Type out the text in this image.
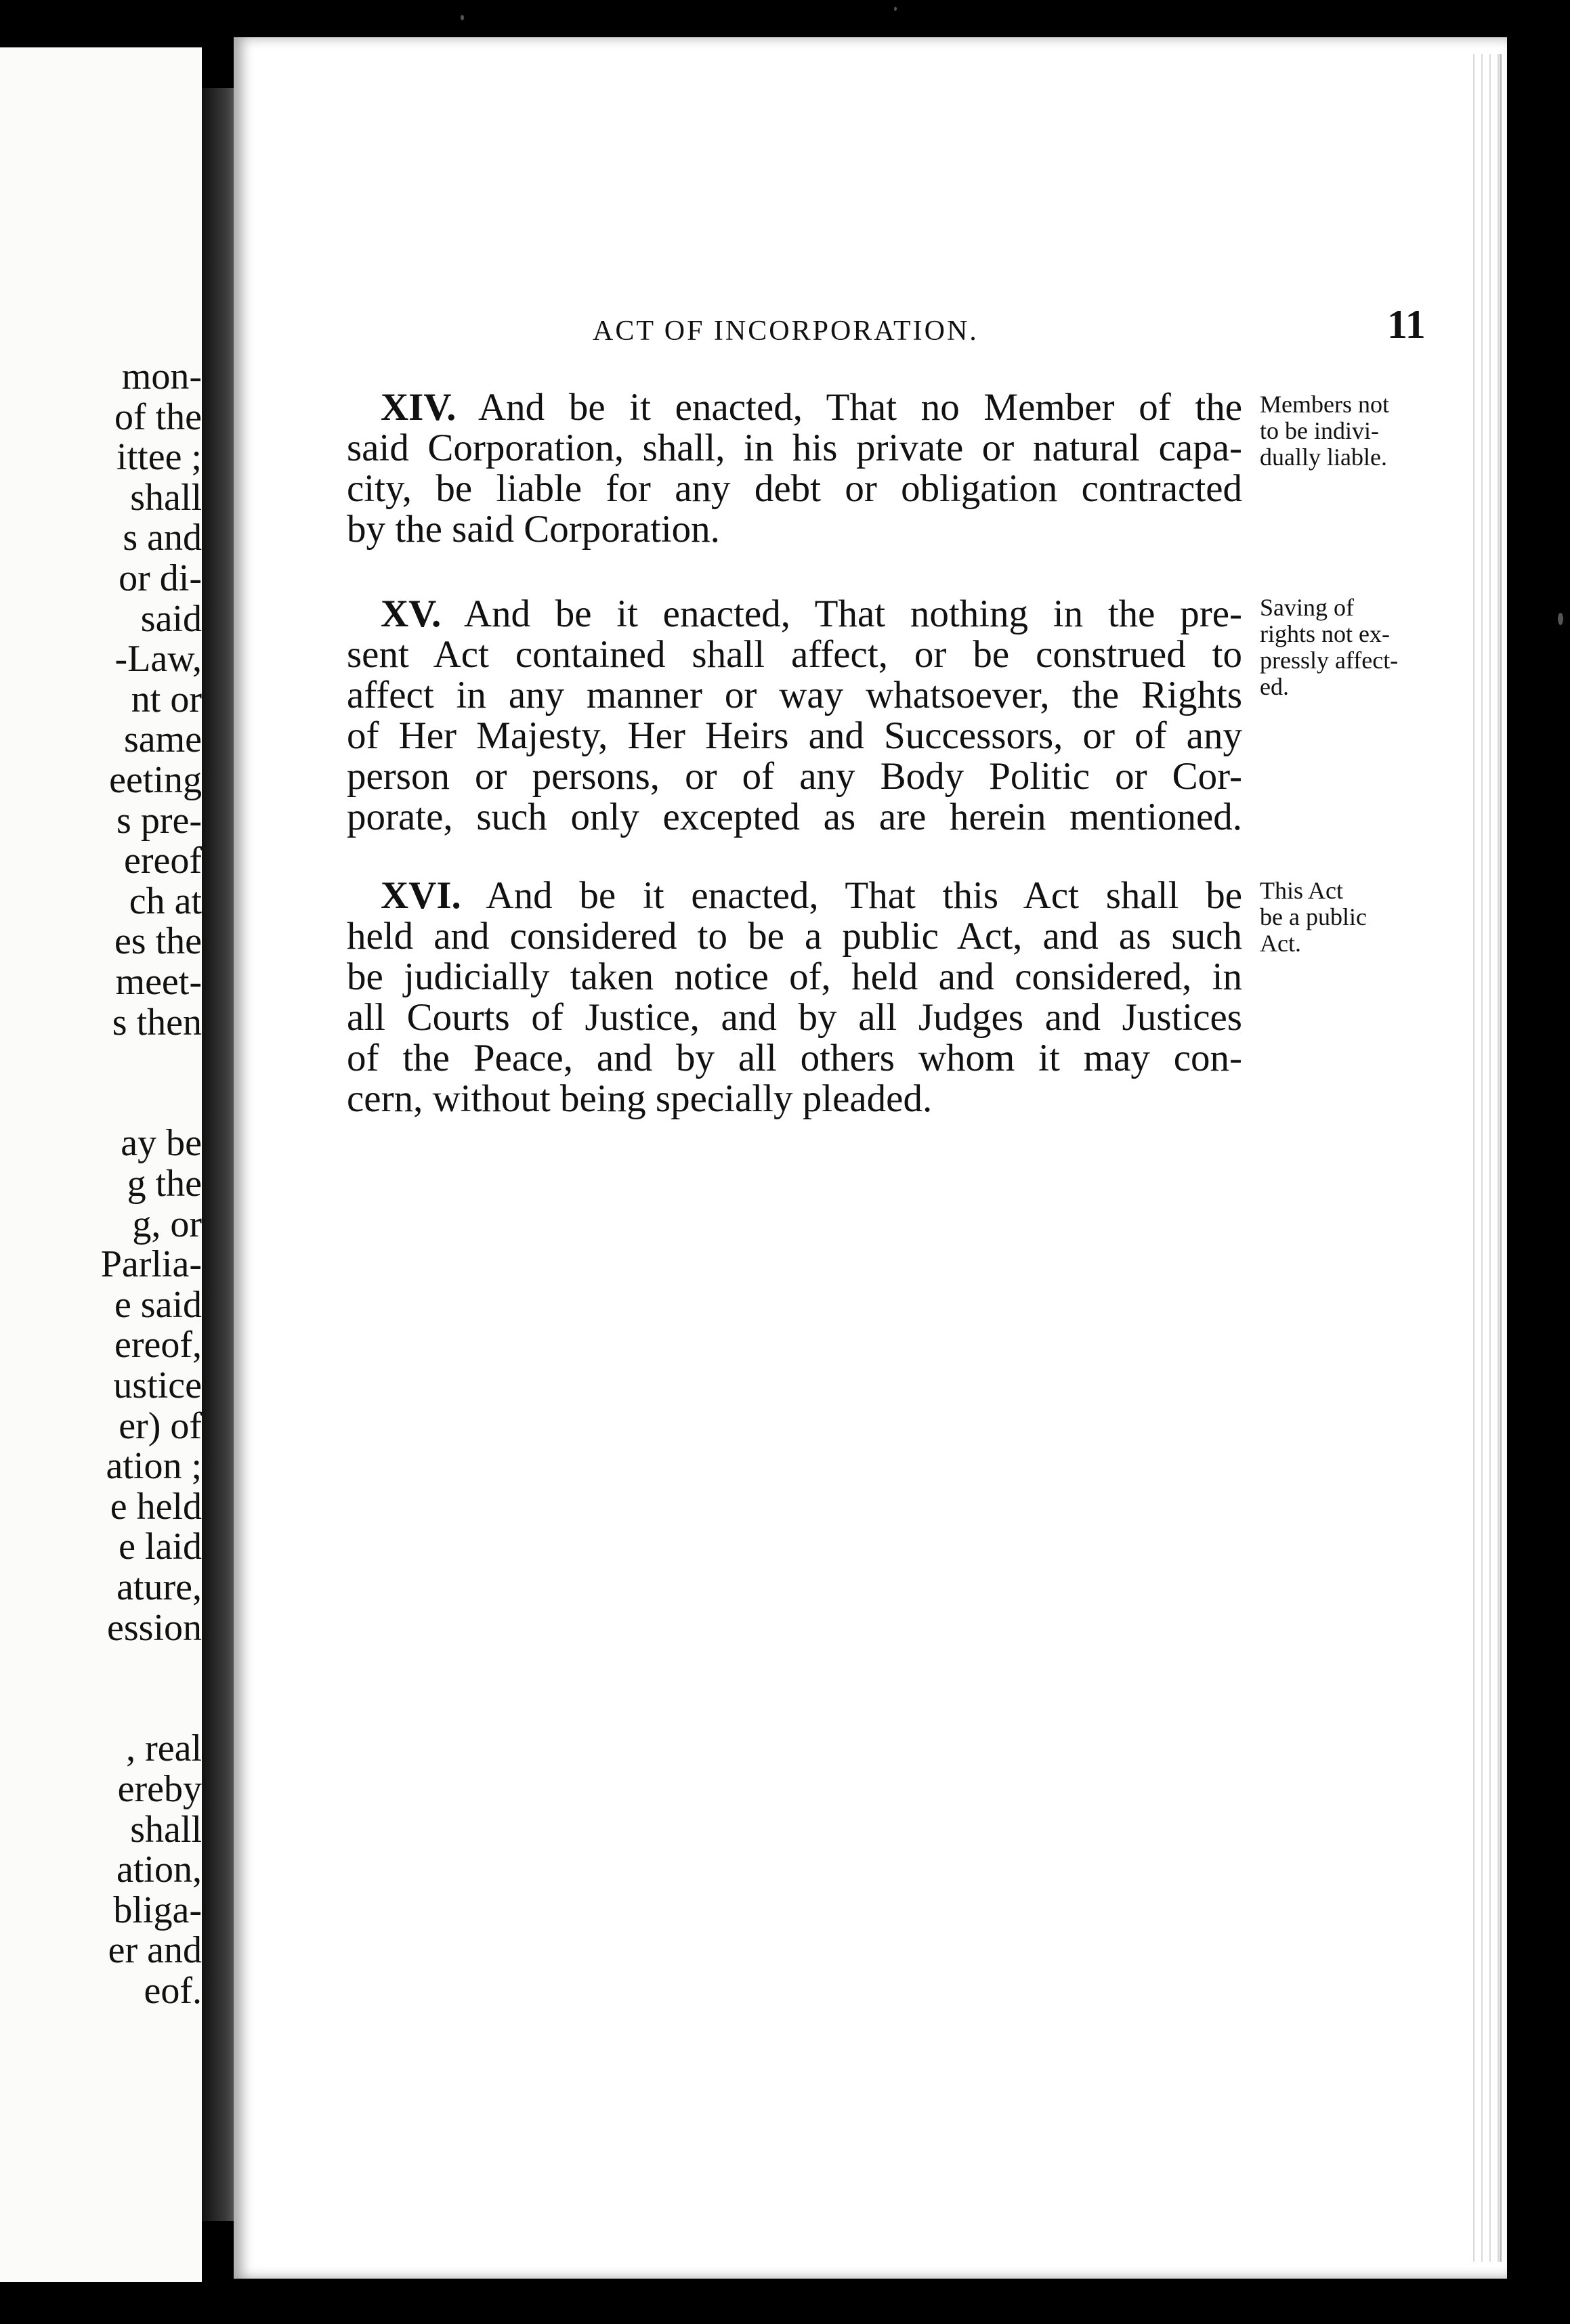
mon-
of the
ittee ;
shall
s and
or di-
said
-Law,
nt or
same
eeting
s pre-
ereof
ch at
es the
meet-
s then
ay be
g the
g, or
Parlia-
e said
ereof,
ustice
er) of
ation ;
e held
e laid
ature,
ession
, real
ereby
shall
ation,
bliga-
er and
eof.
ACT OF INCORPORATION.	11
XIV. And be it enacted, That no Member of the
said Corporation, shall, in his private or natural capa-
city, be liable for any debt or obligation contracted
by the said Corporation.
Members not
to be indivi-
dually liable.
XV. And be it enacted, That nothing in the pre-
sent Act contained shall affect, or be construed to
affect in any manner or way whatsoever, the Rights
of Her Majesty, Her Heirs and Successors, or of any
person or persons, or of any Body Politic or Cor-
porate, such only excepted as are herein mentioned.
Saving of
rights not ex-
pressly affect-
ed.
XVI. And be it enacted, That this Act shall be
held and considered to be a public Act, and as such
be judicially taken notice of, held and considered, in
all Courts of Justice, and by all Judges and Justices
of the Peace, and by all others whom it may con-
cern, without being specially pleaded.
This Act
be a public
Act.
